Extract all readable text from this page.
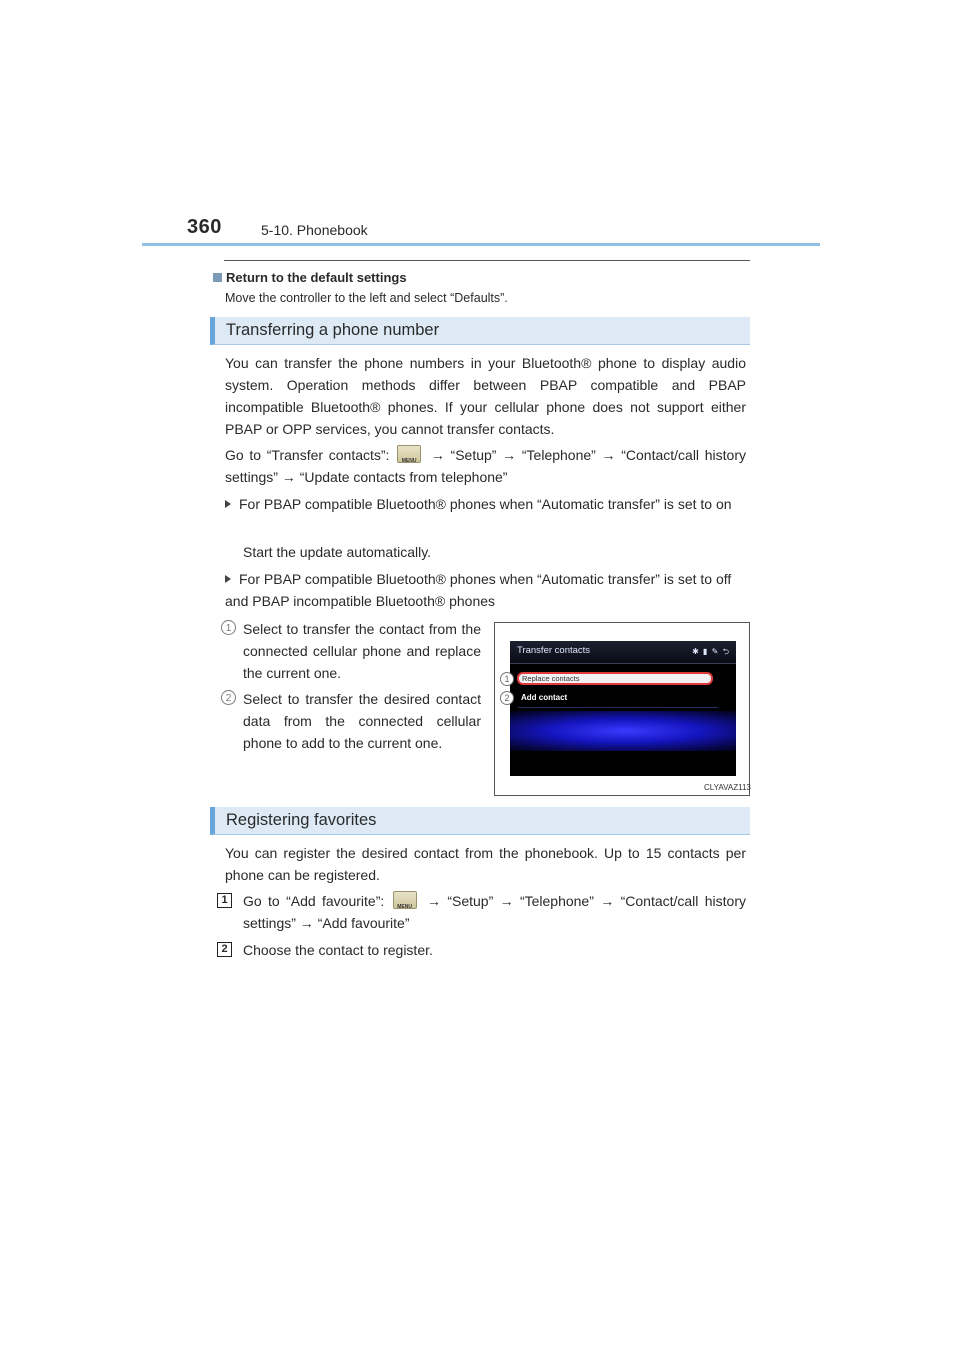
360	5-10. Phonebook
Return to the default settings
Move the controller to the left and select “Defaults”.
Transferring a phone number
You can transfer the phone numbers in your Bluetooth® phone to display audio system. Operation methods differ between PBAP compatible and PBAP incompatible Bluetooth® phones. If your cellular phone does not support either PBAP or OPP services, you cannot transfer contacts.
Go to “Transfer contacts”:	MENU → “Setup” → “Telephone” → “Contact/call history settings” → “Update contacts from telephone”
For PBAP compatible Bluetooth® phones when “Automatic transfer” is set to on
Start the update automatically.
For PBAP compatible Bluetooth® phones when “Automatic transfer” is set to off and PBAP incompatible Bluetooth® phones
1 Select to transfer the contact from the connected cellular phone and replace the current one.
2 Select to transfer the desired contact data from the connected cellular phone to add to the current one.
Transfer contacts	✱ ▮ ✎ ⮌
Replace contacts
Add contact
1
2
CLYAVAZ113
Registering favorites
You can register the desired contact from the phonebook. Up to 15 contacts per phone can be registered.
1	Go to “Add favourite”:	MENU → “Setup” → “Telephone” → “Contact/call history settings” → “Add favourite”
2	Choose the contact to register.
